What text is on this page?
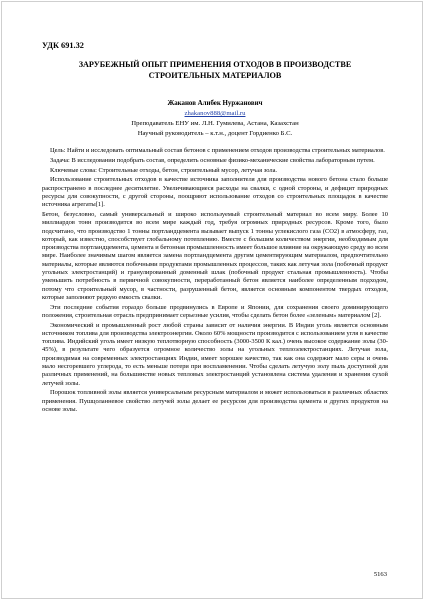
УДК 691.32
ЗАРУБЕЖНЫЙ ОПЫТ ПРИМЕНЕНИЯ ОТХОДОВ В ПРОИЗВОДСТВЕ СТРОИТЕЛЬНЫХ МАТЕРИАЛОВ
Жаканов Алибек Нуржанович
zhakanov888@mail.ru
Преподаватель ЕНУ им. Л.Н. Гумилева, Астана, Казахстан
Научный руководитель – к.т.н., доцент Гордиенко Б.С.

Цель: Найти и исследовать оптимальный состав бетонов с применением отходов производства строительных материалов.

Задача: В исследовании подобрать состав, определить основные физико-механические свойства лабораторным путем.

Ключевые слова: Строительные отходы, бетон, строительный мусор, летучая зола.

Использование строительных отходов в качестве источника заполнителя для производства нового бетона стало больше распространено в последнее десятилетие. Увеличивающиеся расходы на свалки, с одной стороны, и дефицит природных ресурсы для совокупности, с другой стороны, поощряют использование отходов со строительных площадок в качестве источника агрегаты[1].

Бетон, безусловно, самый универсальный и широко используемый строительный материал во всем миру. Более 10 миллиардов тонн производится во всем мире каждый год, требуя огромных природных ресурсов. Кроме того, было подсчитано, что производство 1 тонны портландцемента вызывает выпуск 1 тонны углекислого газа (CO2) в атмосферу, газ, который, как известно, способствует глобальному потеплению. Вместе с большим количеством энергии, необходимым для производства портландцемента, цемента и бетонная промышленность имеет большое влияние на окружающую среду во всем мире. Наиболее значимым шагом является замена портландцемента другим цементирующим материалом, предпочтительно материалы, которые являются побочными продуктами промышленных процессов, таких как летучая зола (побочный продукт угольных электростанций) и гранулированный доменный шлак (побочный продукт стальная промышленность). Чтобы уменьшить потребность в первичной совокупности, переработанный бетон является наиболее определенным подходом, потому что строительный мусор, в частности, разрушенный бетон, является основным компонентом твердых отходов, которые заполняют редкую емкость свалки.

Эти последние события гораздо больше продвинулись в Европе и Японии, для сохранения своего доминирующего положения, строительная отрасль предпринимает серьезные усилия, чтобы сделать бетон более «зеленым» материалом [2].

Экономический и промышленный рост любой страны зависит от наличия энергии. В Индии уголь является основным источником топлива для производства электроэнергии. Около 60% мощности производится с использованием угля в качестве топлива. Индийский уголь имеет низкую теплотворную способность (3000-3500 К кал.) очень высокое содержание золы (30-45%), в результате чего образуется огромное количество золы на угольных теплоэлектростанциях. Летучая зола, производимая на современных электростанциях Индии, имеет хорошее качество, так как она содержит мало серы и очень мало несгоревшего углерода, то есть меньше потери при воспламенении. Чтобы сделать летучую золу пыль доступной для различных применений, на большинстве новых тепловых электростанций установлена система удаления и хранения сухой летучей золы.

Порошок топливной золы является универсальным ресурсным материалом и может использоваться в различных областях применения. Пушцоланневое свойство летучей золы делает ее ресурсом для производства цемента и других продуктов на основе золы.

5163
